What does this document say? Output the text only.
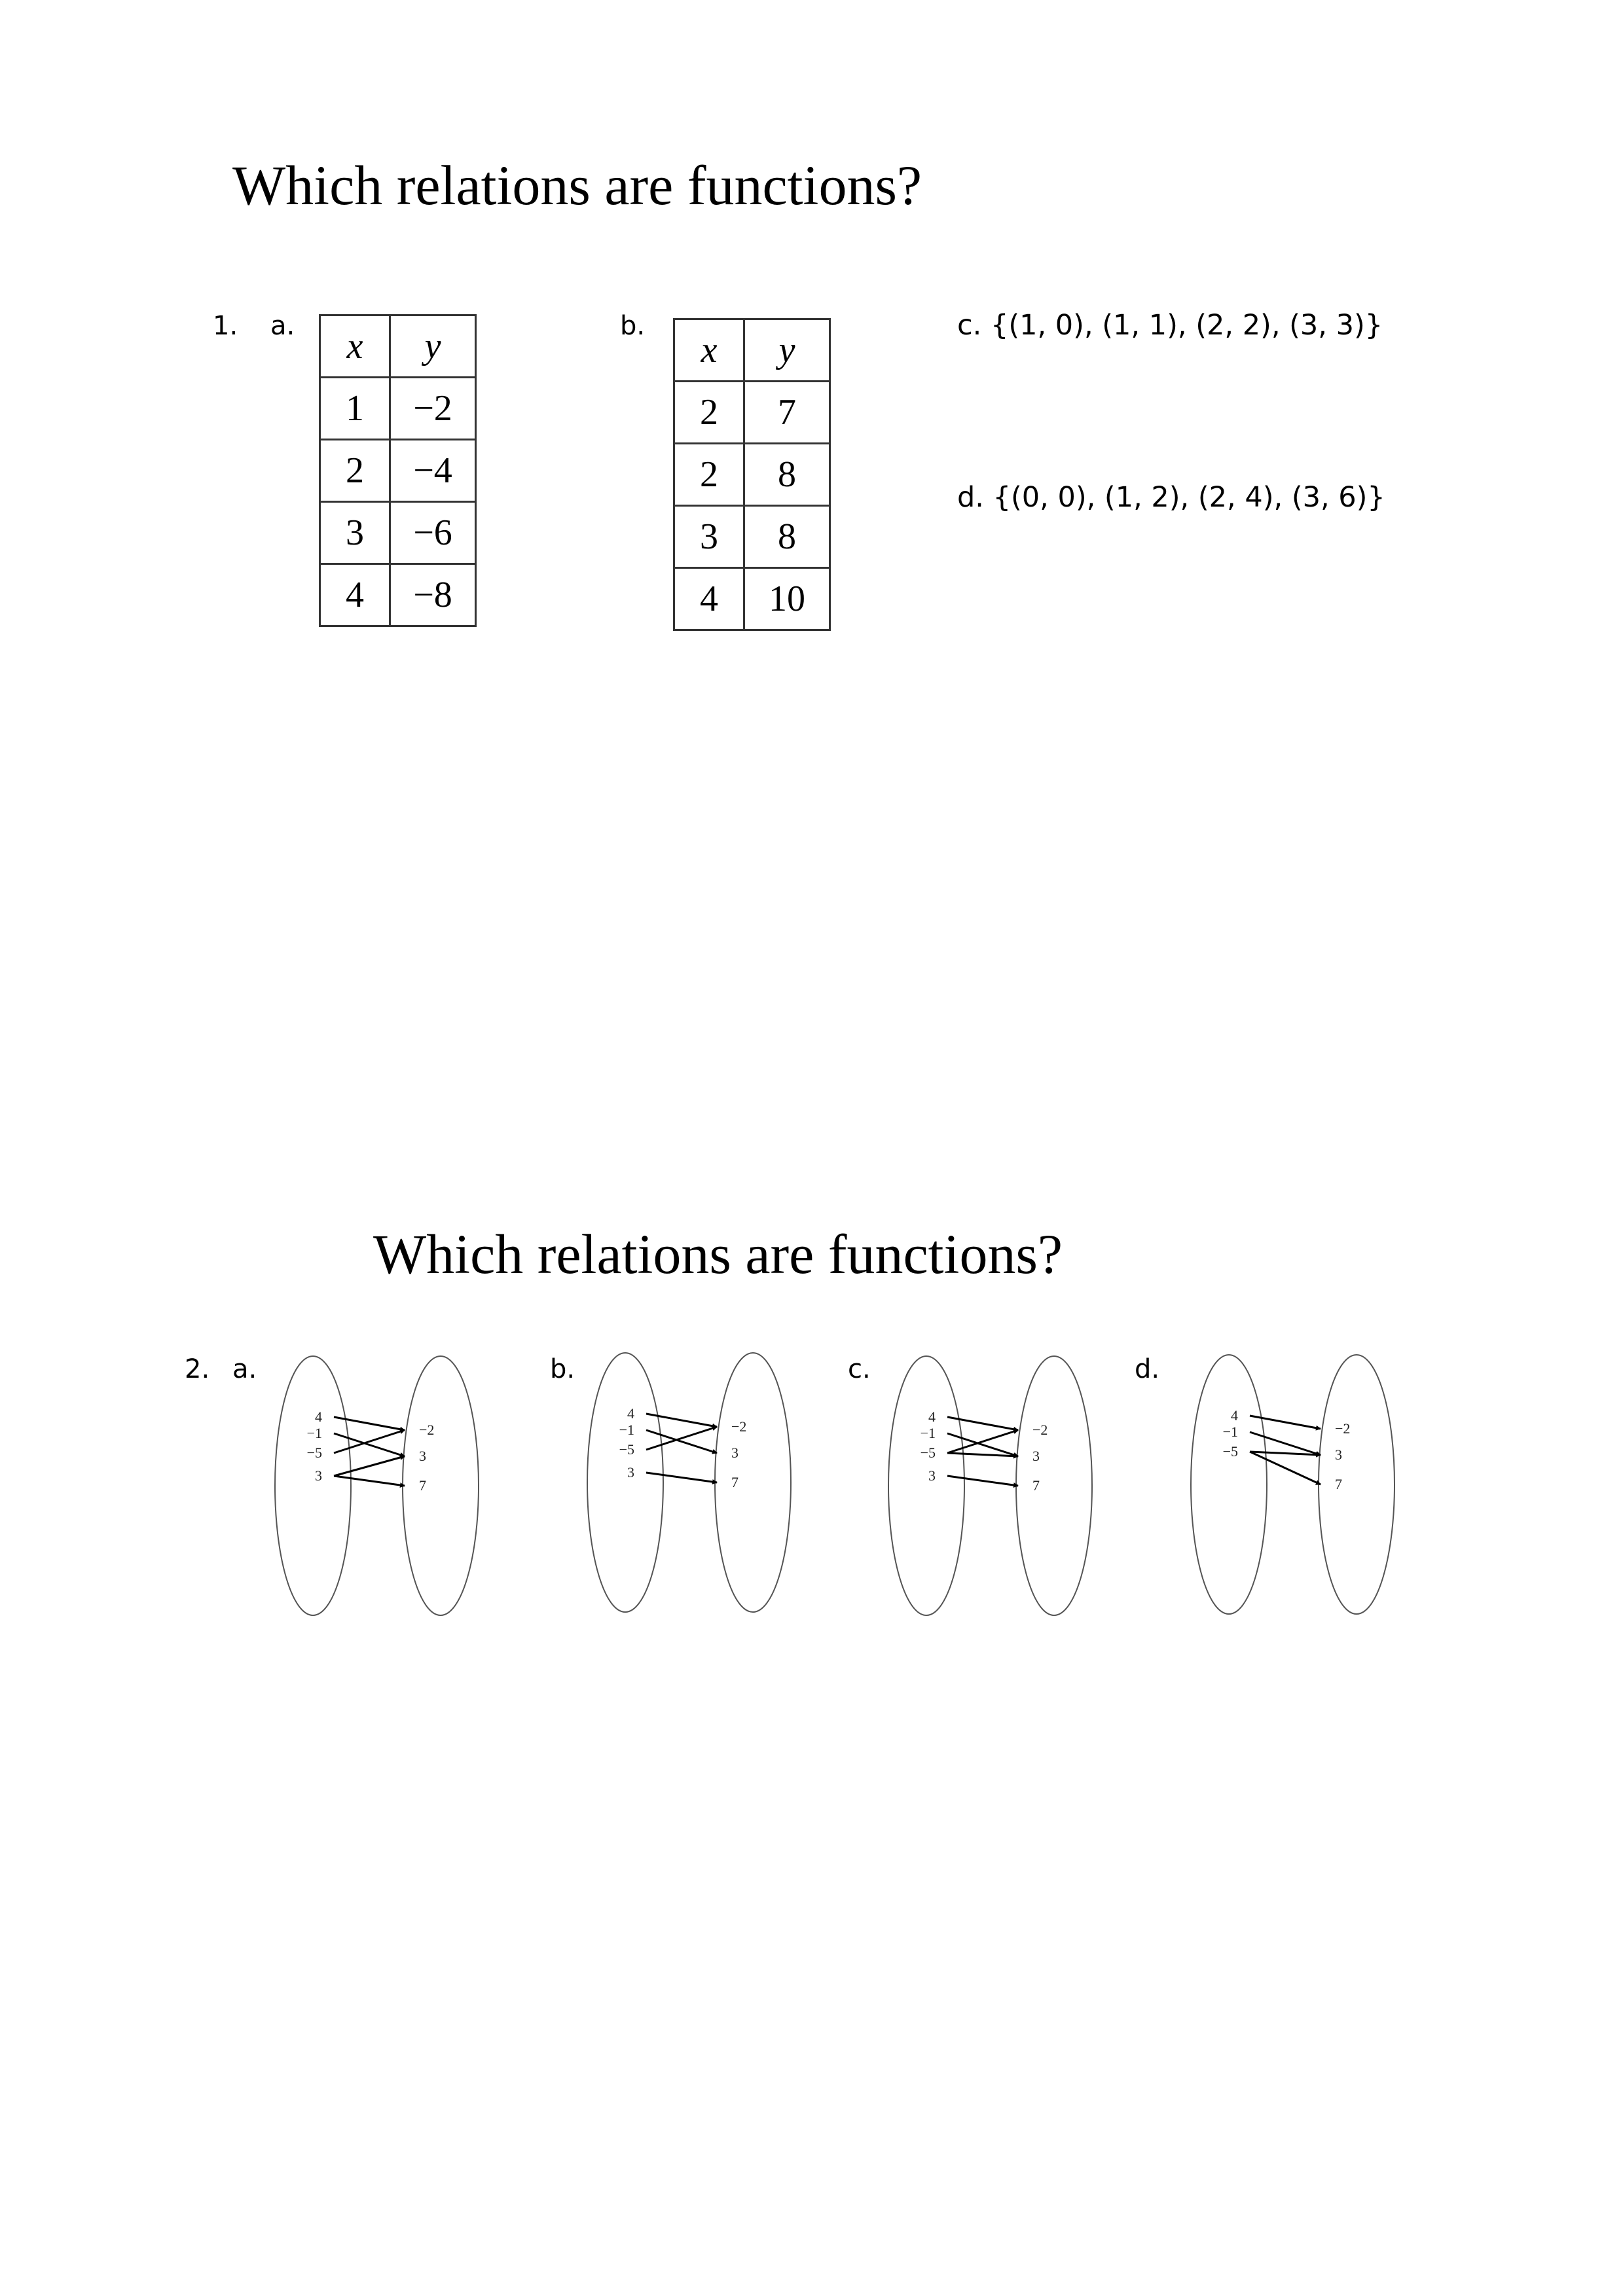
Which relations are functions?
1. a. x	y
1	−2
2	−4
3	−6
4	−8
b.
x	y
2	7
2	8
3	8
4	10
c. {(1, 0), (1, 1), (2, 2), (3, 3)}
d. {(0, 0), (1, 2), (2, 4), (3, 6)}
Which relations are functions?
2. a.	b.	c.	d.
4
−1
−5
3
−2
3
7
4
−1
−5
3
−2
3
7
4
−1
−5
3
−2
3
7
4
−1
−5
−2
3
7
